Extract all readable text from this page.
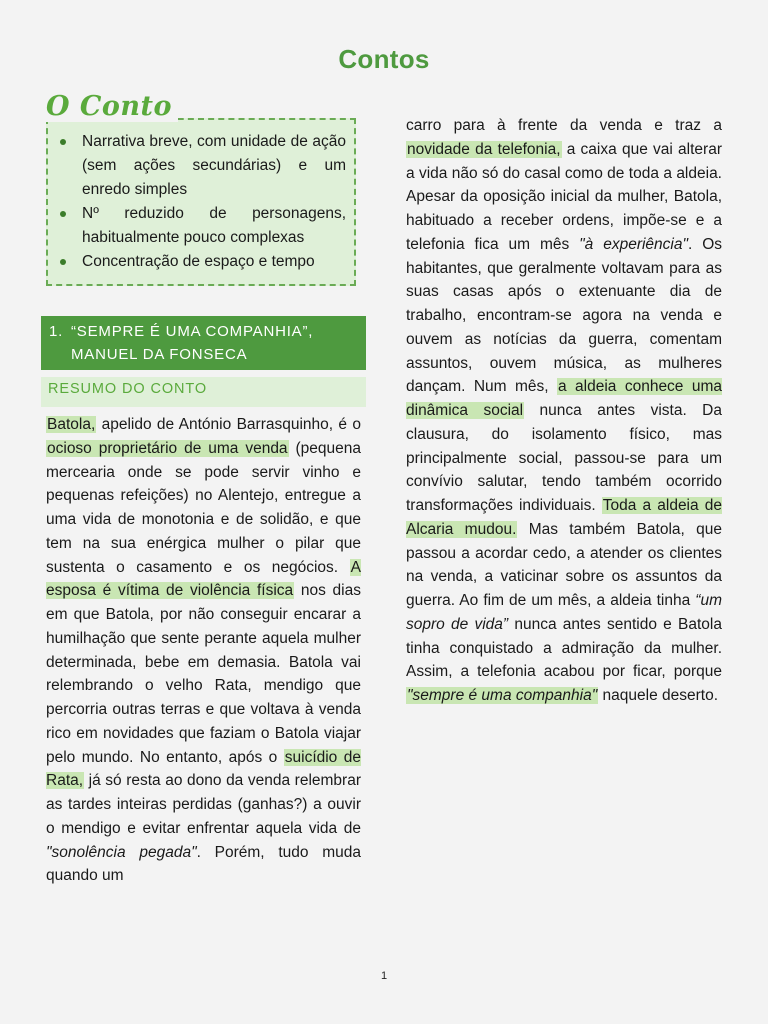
Contos
O Conto
Narrativa breve, com unidade de ação (sem ações secundárias) e um enredo simples
Nº reduzido de personagens, habitualmente pouco complexas
Concentração de espaço e tempo
1. “SEMPRE É UMA COMPANHIA”,
MANUEL DA FONSECA
RESUMO DO CONTO
Batola, apelido de António Barrasquinho, é o ocioso proprietário de uma venda (pequena mercearia onde se pode servir vinho e pequenas refeições) no Alentejo, entregue a uma vida de monotonia e de solidão, e que tem na sua enérgica mulher o pilar que sustenta o casamento e os negócios. A esposa é vítima de violência física nos dias em que Batola, por não conseguir encarar a humilhação que sente perante aquela mulher determinada, bebe em demasia. Batola vai relembrando o velho Rata, mendigo que percorria outras terras e que voltava à venda rico em novidades que faziam o Batola viajar pelo mundo. No entanto, após o suicídio de Rata, já só resta ao dono da venda relembrar as tardes inteiras perdidas (ganhas?) a ouvir o mendigo e evitar enfrentar aquela vida de "sonolência pegada". Porém, tudo muda quando um
carro para à frente da venda e traz a novidade da telefonia, a caixa que vai alterar a vida não só do casal como de toda a aldeia. Apesar da oposição inicial da mulher, Batola, habituado a receber ordens, impõe-se e a telefonia fica um mês "à experiência". Os habitantes, que geralmente voltavam para as suas casas após o extenuante dia de trabalho, encontram-se agora na venda e ouvem as notícias da guerra, comentam assuntos, ouvem música, as mulheres dançam. Num mês, a aldeia conhece uma dinâmica social nunca antes vista. Da clausura, do isolamento físico, mas principalmente social, passou-se para um convívio salutar, tendo também ocorrido transformações individuais. Toda a aldeia de Alcaria mudou. Mas também Batola, que passou a acordar cedo, a atender os clientes na venda, a vaticinar sobre os assuntos da guerra. Ao fim de um mês, a aldeia tinha “um sopro de vida” nunca antes sentido e Batola tinha conquistado a admiração da mulher. Assim, a telefonia acabou por ficar, porque "sempre é uma companhia" naquele deserto.
1
